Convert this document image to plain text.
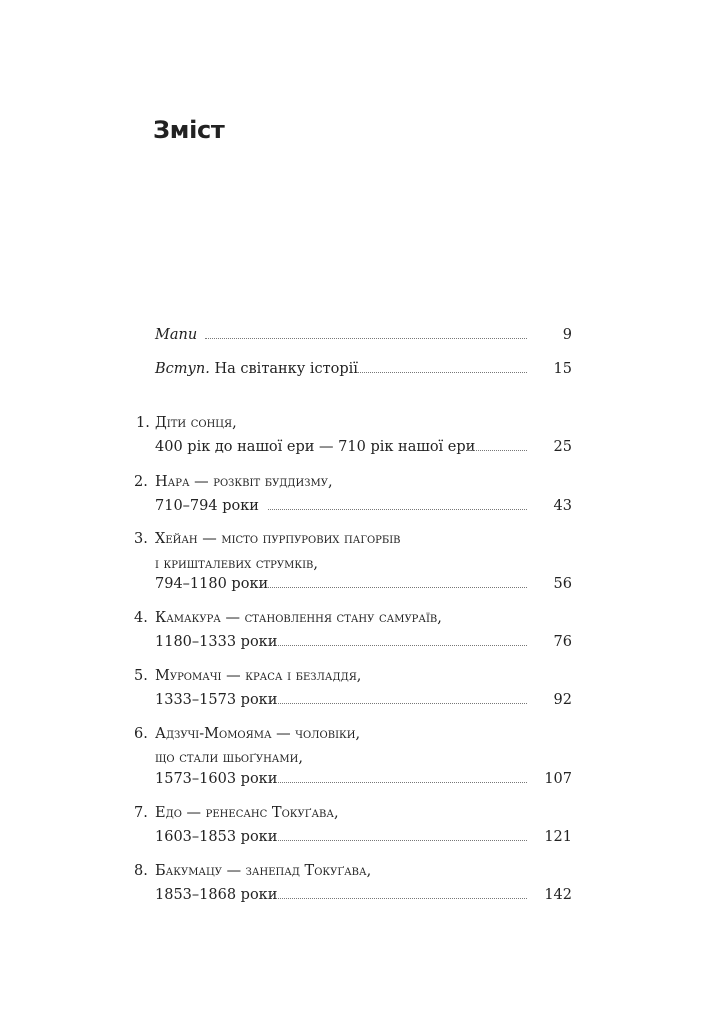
Зміст
Мапи	9
Вступ. На світанку історії	15
1. Діти сонця,
400 рік до нашої ери — 710 рік нашої ери	25
2. Нара — розквіт буддизму,
710–794 роки	43
3. Хейан — місто пурпурових пагорбів
і кришталевих струмків,
794–1180 роки	56
4. Камакура — становлення стану самураїв,
1180–1333 роки	76
5. Муромачі — краса і безладдя,
1333–1573 роки	92
6. Адзучі-Момояма — чоловіки,
що стали шьоґунами,
1573–1603 роки	107
7. Едо — ренесанс Токуґава,
1603–1853 роки	121
8. Бакумацу — занепад Токуґава,
1853–1868 роки	142
